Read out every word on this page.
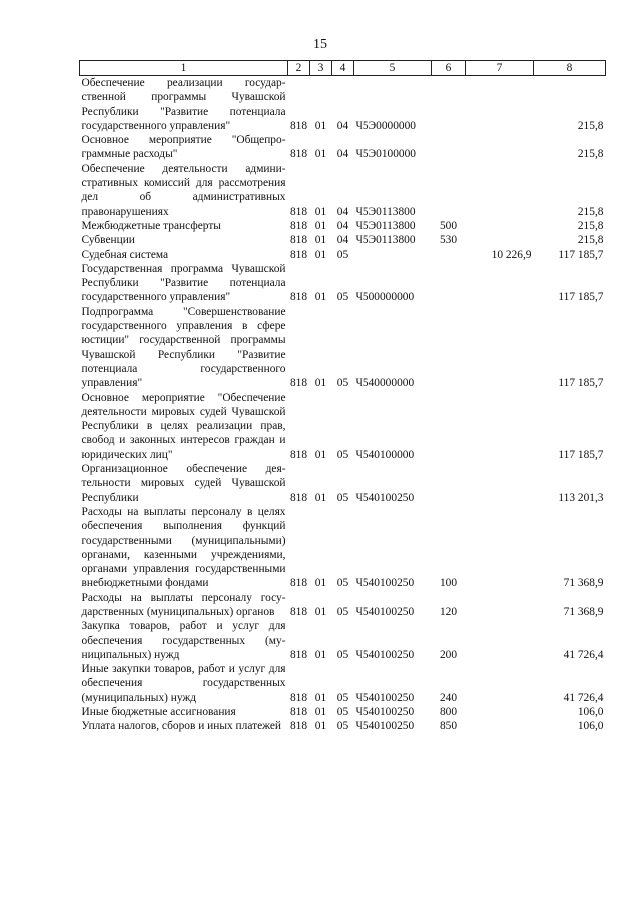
15
1	2	3	4	5	6	7	8
Обеспечение реализации государственной программы Чувашской Республики "Развитие потенциала государственного управления"	818	01	04	Ч5Э0000000			215,8
Основное мероприятие "Общепрограммные расходы"	818	01	04	Ч5Э0100000			215,8
Обеспечение деятельности административных комиссий для рассмотрения дел об административных правонарушениях	818	01	04	Ч5Э0113800			215,8
Межбюджетные трансферты	818	01	04	Ч5Э0113800	500		215,8
Субвенции	818	01	04	Ч5Э0113800	530		215,8
Судебная система	818	01	05			10 226,9	117 185,7
Государственная программа Чувашской Республики "Развитие потенциала государственного управления"	818	01	05	Ч500000000			117 185,7
Подпрограмма "Совершенствование государственного управления в сфере юстиции" государственной программы Чувашской Республики "Развитие потенциала государственного управления"	818	01	05	Ч540000000			117 185,7
Основное мероприятие "Обеспечение деятельности мировых судей Чувашской Республики в целях реализации прав, свобод и законных интересов граждан и юридических лиц"	818	01	05	Ч540100000			117 185,7
Организационное обеспечение деятельности мировых судей Чувашской Республики	818	01	05	Ч540100250			113 201,3
Расходы на выплаты персоналу в целях обеспечения выполнения функций государственными (муниципальными) органами, казенными учреждениями, органами управления государственными внебюджетными фондами	818	01	05	Ч540100250	100		71 368,9
Расходы на выплаты персоналу государственных (муниципальных) органов	818	01	05	Ч540100250	120		71 368,9
Закупка товаров, работ и услуг для обеспечения государственных (муниципальных) нужд	818	01	05	Ч540100250	200		41 726,4
Иные закупки товаров, работ и услуг для обеспечения государственных (муниципальных) нужд	818	01	05	Ч540100250	240		41 726,4
Иные бюджетные ассигнования	818	01	05	Ч540100250	800		106,0
Уплата налогов, сборов и иных платежей	818	01	05	Ч540100250	850		106,0
